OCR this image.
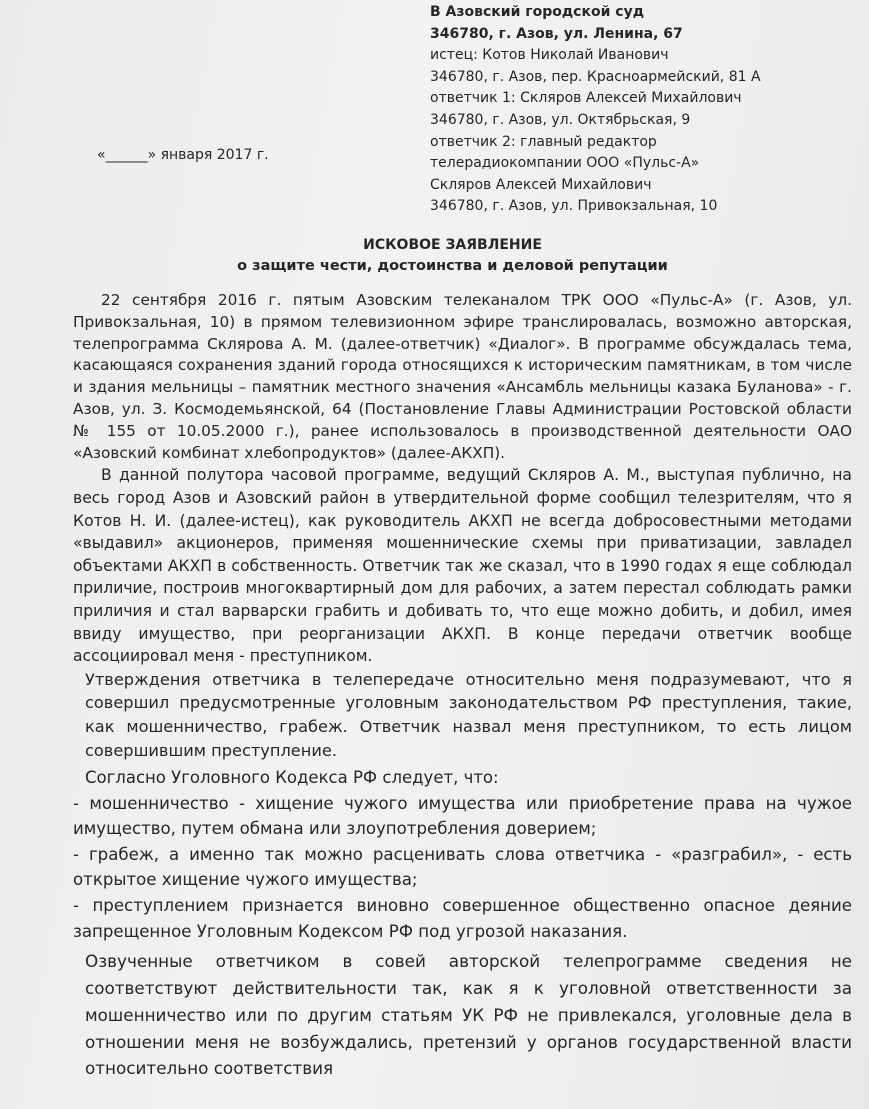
В Азовский городской суд
346780, г. Азов, ул. Ленина, 67
истец: Котов Николай Иванович
346780, г. Азов, пер. Красноармейский, 81 А
ответчик 1: Скляров Алексей Михайлович
346780, г. Азов, ул. Октябрьская, 9
ответчик 2: главный редактор
телерадиокомпании ООО «Пульс-А»
Скляров Алексей Михайлович
346780, г. Азов, ул. Привокзальная, 10
«______» января 2017 г.
ИСКОВОЕ ЗАЯВЛЕНИЕ
о защите чести, достоинства и деловой репутации

22 сентября 2016 г. пятым Азовским телеканалом ТРК ООО «Пульс-А» (г. Азов, ул. Привокзальная, 10) в прямом телевизионном эфире транслировалась, возможно авторская, телепрограмма Склярова А. М. (далее-ответчик) «Диалог». В программе обсуждалась тема, касающаяся сохранения зданий города относящихся к историческим памятникам, в том числе и здания мельницы – памятник местного значения «Ансамбль мельницы казака Буланова» - г. Азов, ул. З. Космодемьянской, 64 (Постановление Главы Администрации Ростовской области № 155 от 10.05.2000 г.), ранее использовалось в производственной деятельности ОАО «Азовский комбинат хлебопродуктов» (далее-АКХП).

В данной полутора часовой программе, ведущий Скляров А. М., выступая публично, на весь город Азов и Азовский район в утвердительной форме сообщил телезрителям, что я Котов Н. И. (далее-истец), как руководитель АКХП не всегда добросовестными методами «выдавил» акционеров, применяя мошеннические схемы при приватизации, завладел объектами АКХП в собственность. Ответчик так же сказал, что в 1990 годах я еще соблюдал приличие, построив многоквартирный дом для рабочих, а затем перестал соблюдать рамки приличия и стал варварски грабить и добивать то, что еще можно добить, и добил, имея ввиду имущество, при реорганизации АКХП. В конце передачи ответчик вообще ассоциировал меня - преступником.

Утверждения ответчика в телепередаче относительно меня подразумевают, что я совершил предусмотренные уголовным законодательством РФ преступления, такие, как мошенничество, грабеж. Ответчик назвал меня преступником, то есть лицом совершившим преступление.

Согласно Уголовного Кодекса РФ следует, что:

- мошенничество - хищение чужого имущества или приобретение права на чужое имущество, путем обмана или злоупотребления доверием;

- грабеж, а именно так можно расценивать слова ответчика - «разграбил», - есть открытое хищение чужого имущества;

- преступлением признается виновно совершенное общественно опасное деяние запрещенное Уголовным Кодексом РФ под угрозой наказания.

Озвученные ответчиком в совей авторской телепрограмме сведения не соответствуют действительности так, как я к уголовной ответственности за мошенничество или по другим статьям УК РФ не привлекался, уголовные дела в отношении меня не возбуждались, претензий у органов государственной власти относительно соответствия
